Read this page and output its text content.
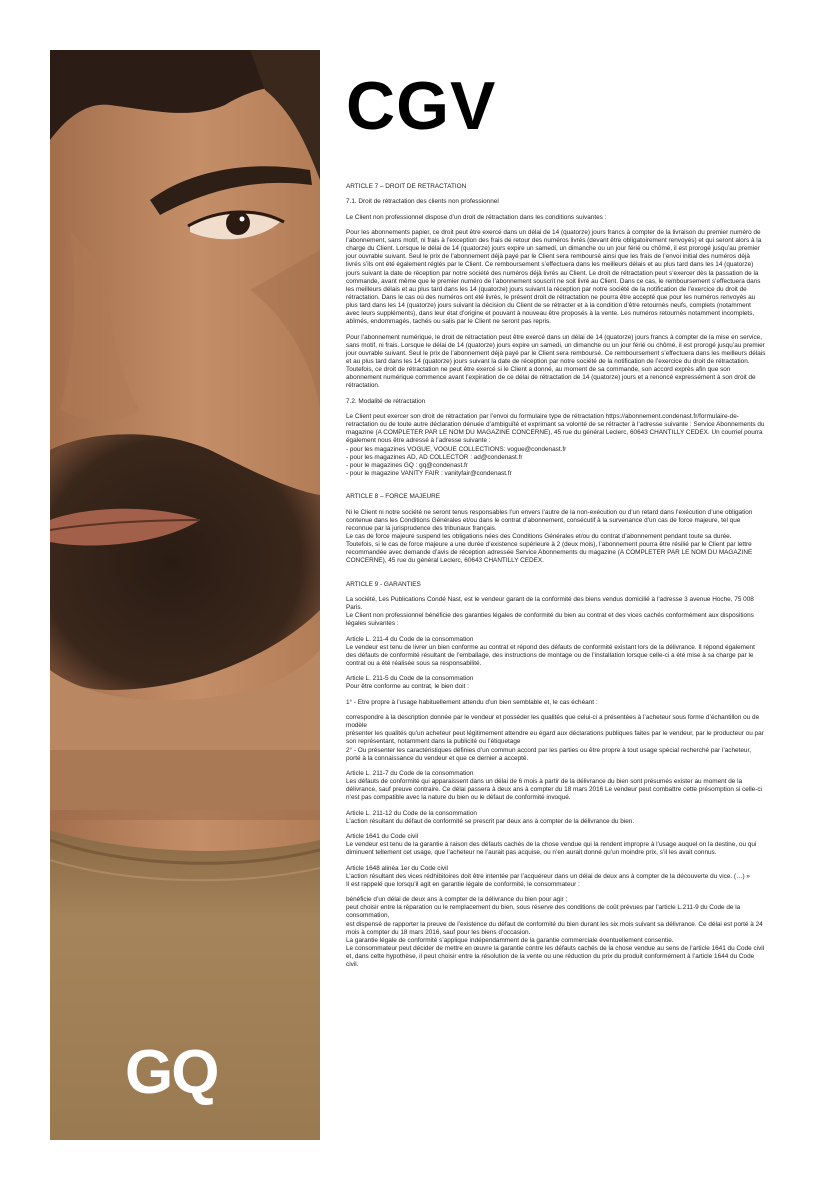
GQ
CGV
ARTICLE 7 – DROIT DE RETRACTATION
7.1. Droit de rétractation des clients non professionnel
Le Client non professionnel dispose d’un droit de rétractation dans les conditions suivantes :
Pour les abonnements papier, ce droit peut être exercé dans un délai de 14 (quatorze) jours francs à compter de la livraison du premier numéro de l’abonnement, sans motif, ni frais à l’exception des frais de retour des numéros livrés (devant être obligatoirement renvoyés) et qui seront alors à la charge du Client. Lorsque le délai de 14 (quatorze) jours expire un samedi, un dimanche ou un jour férié ou chômé, il est prorogé jusqu’au premier jour ouvrable suivant. Seul le prix de l’abonnement déjà payé par le Client sera remboursé ainsi que les frais de l’envoi initial des numéros déjà livrés s’ils ont été également réglés par le Client. Ce remboursement s’effectuera dans les meilleurs délais et au plus tard dans les 14 (quatorze) jours suivant la date de réception par notre société des numéros déjà livrés au Client. Le droit de rétractation peut s’exercer dès la passation de la commande, avant même que le premier numéro de l’abonnement souscrit ne soit livré au Client. Dans ce cas, le remboursement s’effectuera dans les meilleurs délais et au plus tard dans les 14 (quatorze) jours suivant la réception par notre société de la notification de l’exercice du droit de rétractation. Dans le cas où des numéros ont été livrés, le présent droit de rétractation ne pourra être accepté que pour les numéros renvoyés au plus tard dans les 14 (quatorze) jours suivant la décision du Client de se rétracter et à la condition d’être retournés neufs, complets (notamment avec leurs suppléments), dans leur état d’origine et pouvant à nouveau être proposés à la vente. Les numéros retournés notamment incomplets, abîmés, endommagés, tachés ou salis par le Client ne seront pas repris.
Pour l’abonnement numérique, le droit de rétractation peut être exercé dans un délai de 14 (quatorze) jours francs à compter de la mise en service, sans motif, ni frais. Lorsque le délai de 14 (quatorze) jours expire un samedi, un dimanche ou un jour férié ou chômé, il est prorogé jusqu’au premier jour ouvrable suivant. Seul le prix de l’abonnement déjà payé par le Client sera remboursé. Ce remboursement s’effectuera dans les meilleurs délais et au plus tard dans les 14 (quatorze) jours suivant la date de réception par notre société de la notification de l’exercice du droit de rétractation. Toutefois, ce droit de rétractation ne peut être exercé si le Client a donné, au moment de sa commande, son accord exprès afin que son abonnement numérique commence avant l’expiration de ce délai de rétractation de 14 (quatorze) jours et a renoncé expressément à son droit de rétractation.
7.2. Modalité de rétractation
Le Client peut exercer son droit de rétractation par l’envoi du formulaire type de rétractation https://abonnement.condenast.fr/formulaire-de-retractation ou de toute autre déclaration dénuée d’ambiguïté et exprimant sa volonté de se rétracter à l’adresse suivante : Service Abonnements du magazine (A COMPLETER PAR LE NOM DU MAGAZINE CONCERNE), 45 rue du général Leclerc, 60643 CHANTILLY CEDEX. Un courriel pourra également nous être adressé à l’adresse suivante :
- pour les magazines VOGUE, VOGUE COLLECTIONS: vogue@condenast.fr
- pour les magazines AD, AD COLLECTOR : ad@condenast.fr
- pour le magazines GQ : gq@condenast.fr
- pour le magazine VANITY FAIR : vanityfair@condenast.fr
ARTICLE 8 – FORCE MAJEURE
Ni le Client ni notre société ne seront tenus responsables l’un envers l’autre de la non-exécution ou d’un retard dans l’exécution d’une obligation contenue dans les Conditions Générales et/ou dans le contrat d’abonnement, consécutif à la survenance d’un cas de force majeure, tel que reconnue par la jurisprudence des tribunaux français.
Le cas de force majeure suspend les obligations nées des Conditions Générales et/ou du contrat d’abonnement pendant toute sa durée.
Toutefois, si le cas de force majeure a une durée d’existence supérieure à 2 (deux mois), l’abonnement pourra être résilié par le Client par lettre recommandée avec demande d’avis de réception adressée Service Abonnements du magazine (A COMPLETER PAR LE NOM DU MAGAZINE CONCERNE), 45 rue du général Leclerc, 60643 CHANTILLY CEDEX.
ARTICLE 9 - GARANTIES
La société, Les Publications Condé Nast, est le vendeur garant de la conformité des biens vendus domicilié à l’adresse 3 avenue Hoche, 75 008 Paris.
Le Client non professionnel bénéficie des garanties légales de conformité du bien au contrat et des vices cachés conformément aux dispositions légales suivantes :
Article L. 211-4 du Code de la consommation
Le vendeur est tenu de livrer un bien conforme au contrat et répond des défauts de conformité existant lors de la délivrance. Il répond également des défauts de conformité résultant de l’emballage, des instructions de montage ou de l’installation lorsque celle-ci a été mise à sa charge par le contrat ou a été réalisée sous sa responsabilité.
Article L. 211-5 du Code de la consommation
Pour être conforme au contrat, le bien doit :
1° - Etre propre à l’usage habituellement attendu d’un bien semblable et, le cas échéant :
correspondre à la description donnée par le vendeur et posséder les qualités que celui-ci a présentées à l’acheteur sous forme d’échantillon ou de modèle
présenter les qualités qu’un acheteur peut légitimement attendre eu égard aux déclarations publiques faites par le vendeur, par le producteur ou par son représentant, notamment dans la publicité ou l’étiquetage
2° - Ou présenter les caractéristiques définies d’un commun accord par les parties ou être propre à tout usage spécial recherché par l’acheteur, porté à la connaissance du vendeur et que ce dernier a accepté.
Article L. 211-7 du Code de la consommation
Les défauts de conformité qui apparaissent dans un délai de 6 mois à partir de la délivrance du bien sont présumés exister au moment de la délivrance, sauf preuve contraire. Ce délai passera à deux ans à compter du 18 mars 2016 Le vendeur peut combattre cette présomption si celle-ci n’est pas compatible avec la nature du bien ou le défaut de conformité invoqué.
Article L. 211-12 du Code de la consommation
L’action résultant du défaut de conformité se prescrit par deux ans à compter de la délivrance du bien.
Article 1641 du Code civil
Le vendeur est tenu de la garantie à raison des défauts cachés de la chose vendue qui la rendent impropre à l’usage auquel on la destine, ou qui diminuent tellement cet usage, que l’acheteur ne l’aurait pas acquise, ou n’en aurait donné qu’un moindre prix, s’il les avait connus.
Article 1648 alinéa 1er du Code civil
L’action résultant des vices rédhibitoires doit être intentée par l’acquéreur dans un délai de deux ans à compter de la découverte du vice. (…) »
Il est rappelé que lorsqu’il agit en garantie légale de conformité, le consommateur :
bénéficie d’un délai de deux ans à compter de la délivrance du bien pour agir ;
peut choisir entre la réparation ou le remplacement du bien, sous réserve des conditions de coût prévues par l’article L.211-9 du Code de la consommation,
est dispensé de rapporter la preuve de l’existence du défaut de conformité du bien durant les six mois suivant sa délivrance. Ce délai est porté à 24 mois à compter du 18 mars 2016, sauf pour les biens d’occasion.
La garantie légale de conformité s’applique indépendamment de la garantie commerciale éventuellement consentie.
Le consommateur peut décider de mettre en œuvre la garantie contre les défauts cachés de la chose vendue au sens de l’article 1641 du Code civil et, dans cette hypothèse, il peut choisir entre la résolution de la vente ou une réduction du prix du produit conformément à l’article 1644 du Code civil.
